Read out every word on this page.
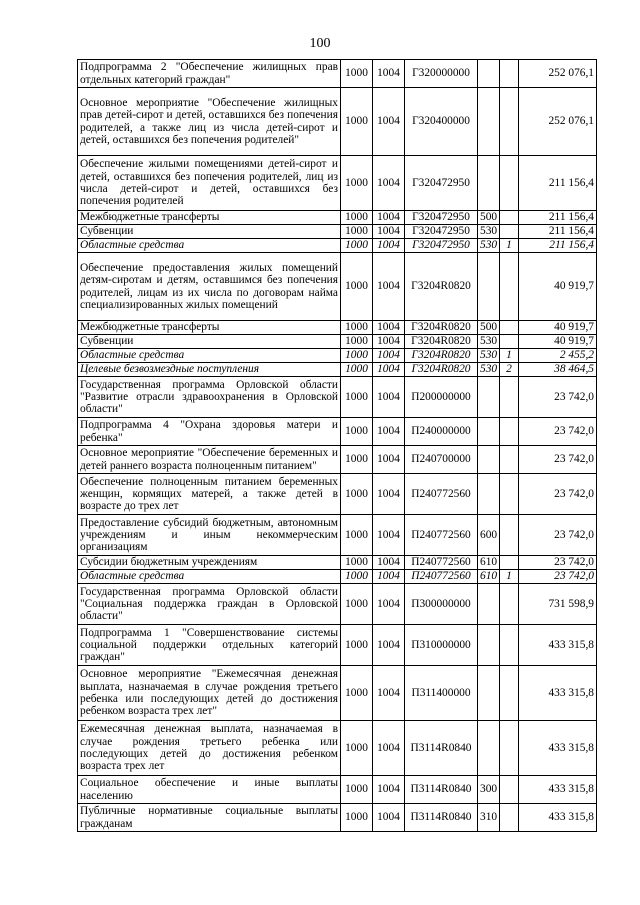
100
Подпрограмма 2 "Обеспечение жилищных прав отдельных категорий граждан"	1000	1004	Г320000000			252 076,1
Основное мероприятие "Обеспечение жилищных прав детей-сирот и детей, оставшихся без попечения родителей, а также лиц из числа детей-сирот и детей, оставшихся без попечения родителей"	1000	1004	Г320400000			252 076,1
Обеспечение жилыми помещениями детей-сирот и детей, оставшихся без попечения родителей, лиц из числа детей-сирот и детей, оставшихся без попечения родителей	1000	1004	Г320472950			211 156,4
Межбюджетные трансферты	1000	1004	Г320472950	500		211 156,4
Субвенции	1000	1004	Г320472950	530		211 156,4
Областные средства	1000	1004	Г320472950	530	1	211 156,4
Обеспечение предоставления жилых помещений детям-сиротам и детям, оставшимся без попечения родителей, лицам из их числа по договорам найма специализированных жилых помещений	1000	1004	Г3204R0820			40 919,7
Межбюджетные трансферты	1000	1004	Г3204R0820	500		40 919,7
Субвенции	1000	1004	Г3204R0820	530		40 919,7
Областные средства	1000	1004	Г3204R0820	530	1	2 455,2
Целевые безвозмездные поступления	1000	1004	Г3204R0820	530	2	38 464,5
Государственная программа Орловской области "Развитие отрасли здравоохранения в Орловской области"	1000	1004	П200000000			23 742,0
Подпрограмма 4 "Охрана здоровья матери и ребенка"	1000	1004	П240000000			23 742,0
Основное мероприятие "Обеспечение беременных и детей раннего возраста полноценным питанием"	1000	1004	П240700000			23 742,0
Обеспечение полноценным питанием беременных женщин, кормящих матерей, а также детей в возрасте до трех лет	1000	1004	П240772560			23 742,0
Предоставление субсидий бюджетным, автономным учреждениям и иным некоммерческим организациям	1000	1004	П240772560	600		23 742,0
Субсидии бюджетным учреждениям	1000	1004	П240772560	610		23 742,0
Областные средства	1000	1004	П240772560	610	1	23 742,0
Государственная программа Орловской области "Социальная поддержка граждан в Орловской области"	1000	1004	П300000000			731 598,9
Подпрограмма 1 "Совершенствование системы социальной поддержки отдельных категорий граждан"	1000	1004	П310000000			433 315,8
Основное мероприятие "Ежемесячная денежная выплата, назначаемая в случае рождения третьего ребенка или последующих детей до достижения ребенком возраста трех лет"	1000	1004	П311400000			433 315,8
Ежемесячная денежная выплата, назначаемая в случае рождения третьего ребенка или последующих детей до достижения ребенком возраста трех лет	1000	1004	П3114R0840			433 315,8
Социальное обеспечение и иные выплаты населению	1000	1004	П3114R0840	300		433 315,8
Публичные нормативные социальные выплаты гражданам	1000	1004	П3114R0840	310		433 315,8
